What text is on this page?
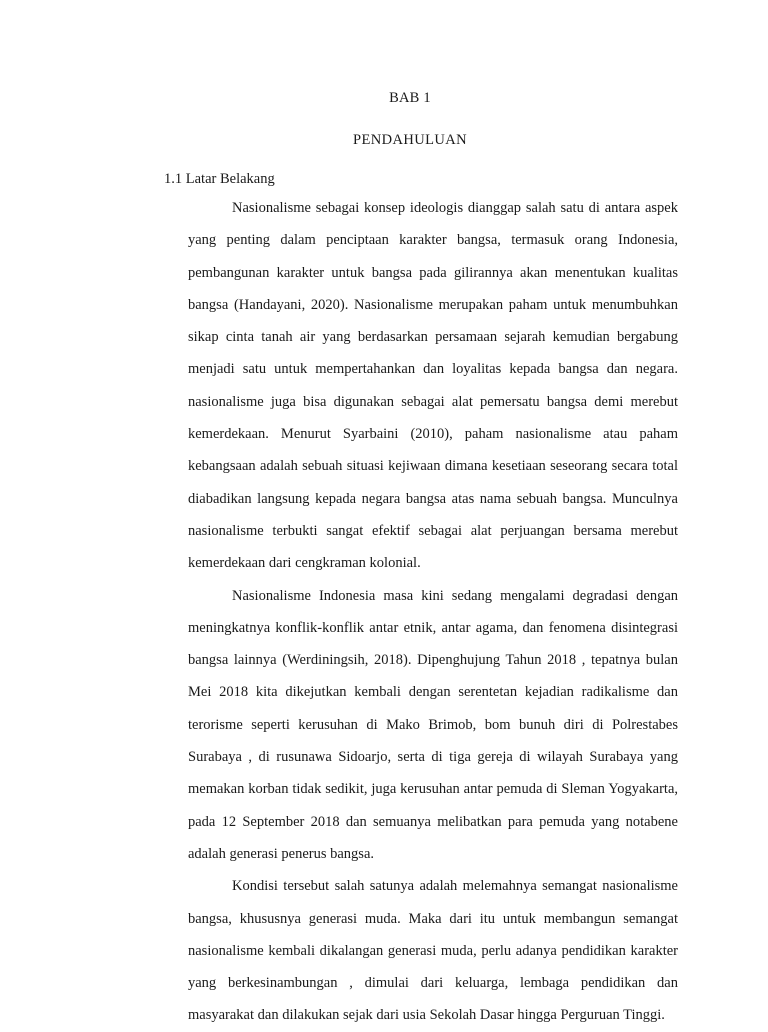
BAB 1
PENDAHULUAN
1.1 Latar Belakang

Nasionalisme sebagai konsep ideologis dianggap salah satu di antara aspek yang penting dalam penciptaan karakter bangsa, termasuk orang Indonesia, pembangunan karakter untuk bangsa pada gilirannya akan menentukan kualitas bangsa (Handayani, 2020). Nasionalisme merupakan paham untuk menumbuhkan sikap cinta tanah air yang berdasarkan persamaan sejarah kemudian bergabung menjadi satu untuk mempertahankan dan loyalitas kepada bangsa dan negara. nasionalisme juga bisa digunakan sebagai alat pemersatu bangsa demi merebut kemerdekaan. Menurut Syarbaini (2010), paham nasionalisme atau paham kebangsaan adalah sebuah situasi kejiwaan dimana kesetiaan seseorang secara total diabadikan langsung kepada negara bangsa atas nama sebuah bangsa. Munculnya nasionalisme terbukti sangat efektif sebagai alat perjuangan bersama merebut kemerdekaan dari cengkraman kolonial.

Nasionalisme Indonesia masa kini sedang mengalami degradasi dengan meningkatnya konflik-konflik antar etnik, antar agama, dan fenomena disintegrasi bangsa lainnya (Werdiningsih, 2018). Dipenghujung Tahun 2018 , tepatnya bulan Mei 2018 kita dikejutkan kembali dengan serentetan kejadian radikalisme dan terorisme seperti kerusuhan di Mako Brimob, bom bunuh diri di Polrestabes Surabaya , di rusunawa Sidoarjo, serta di tiga gereja di wilayah Surabaya yang memakan korban tidak sedikit, juga kerusuhan antar pemuda di Sleman Yogyakarta, pada 12 September 2018 dan semuanya melibatkan para pemuda yang notabene adalah generasi penerus bangsa.

Kondisi tersebut salah satunya adalah melemahnya semangat nasionalisme bangsa, khususnya generasi muda. Maka dari itu untuk membangun semangat nasionalisme kembali dikalangan generasi muda, perlu adanya pendidikan karakter yang berkesinambungan , dimulai dari keluarga, lembaga pendidikan dan masyarakat dan dilakukan sejak dari usia Sekolah Dasar hingga Perguruan Tinggi.
